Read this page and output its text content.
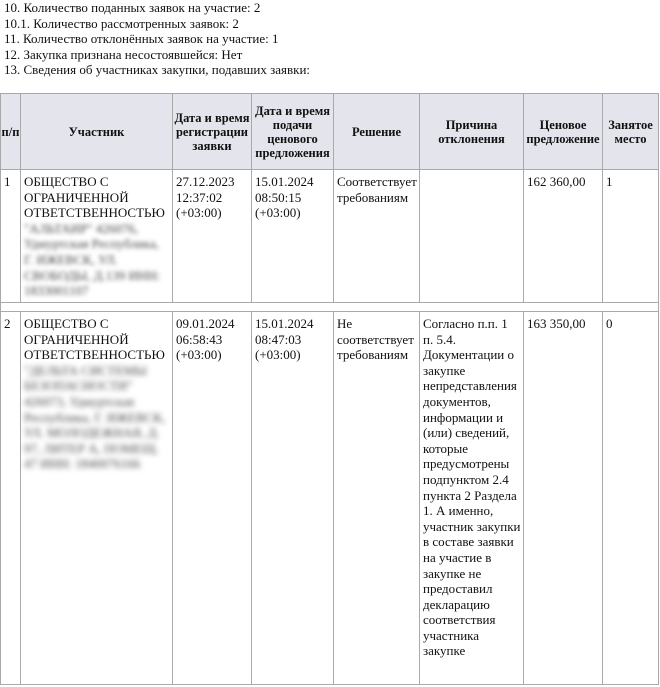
10. Количество поданных заявок на участие: 2
10.1. Количество рассмотренных заявок: 2
11. Количество отклонённых заявок на участие: 1
12. Закупка признана несостоявшейся: Нет
13. Сведения об участниках закупки, подавших заявки:
п/п	Участник	Дата и время регистрации заявки	Дата и время подачи ценового предложения	Решение	Причина отклонения	Ценовое предложение	Занятое место

1	ОБЩЕСТВО С ОГРАНИЧЕННОЙ ОТВЕТСТВЕННОСТЬЮ
"АЛЬТАИР" 426076, Удмуртская Республика, Г. ИЖЕВСК, УЛ. СВОБОДЫ, Д.139 ИНН: 1833001107	27.12.2023 12:37:02 (+03:00)	15.01.2024 08:50:15 (+03:00)	Соответствует требованиям		162 360,00	1

2	ОБЩЕСТВО С ОГРАНИЧЕННОЙ ОТВЕТСТВЕННОСТЬЮ
"ДЕЛЬТА СИСТЕМЫ БЕЗОПАСНОСТИ" 426073, Удмуртская Республика, Г. ИЖЕВСК, УЛ. МОЛОДЕЖНАЯ, Д. 97, ЛИТЕР А, ПОМЕЩ. 47 ИНН: 1840076166	09.01.2024 06:58:43 (+03:00)	15.01.2024 08:47:03 (+03:00)	Не соответствует требованиям	Согласно п.п. 1 п. 5.4. Документации о закупке непредставления документов, информации и (или) сведений, которые предусмотрены подпунктом 2.4 пункта 2 Раздела 1. А именно, участник закупки в составе заявки на участие в закупке не предоставил декларацию соответствия участника закупке	163 350,00	0
